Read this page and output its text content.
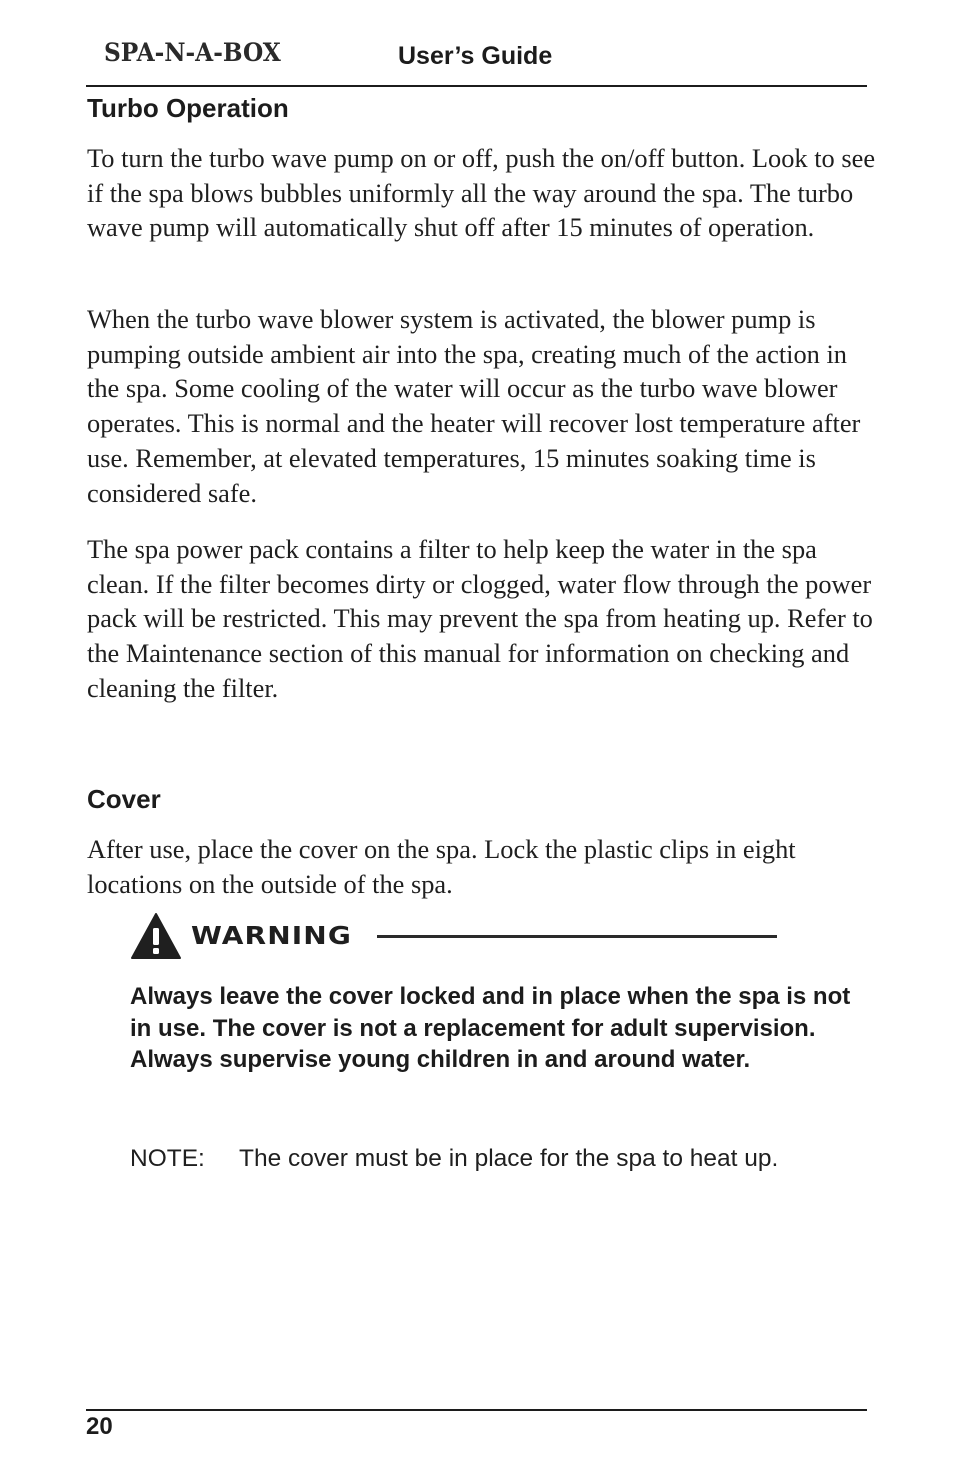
SPA-N-A-BOX	User’s Guide
Turbo Operation

To turn the turbo wave pump on or off, push the on/off button. Look to see if the spa blows bubbles uniformly all the way around the spa. The turbo wave pump will automatically shut off after 15 minutes of operation.

When the turbo wave blower system is activated, the blower pump is pumping outside ambient air into the spa, creating much of the action in the spa. Some cooling of the water will occur as the turbo wave blower operates. This is normal and the heater will recover lost temperature after use. Remember, at elevated temperatures, 15 minutes soaking time is considered safe.

The spa power pack contains a filter to help keep the water in the spa clean. If the filter becomes dirty or clogged, water flow through the power pack will be restricted. This may prevent the spa from heating up. Refer to the Maintenance section of this manual for information on checking and cleaning the filter.

Cover

After use, place the cover on the spa. Lock the plastic clips in eight locations on the outside of the spa.

WARNING

Always leave the cover locked and in place when the spa is not in use. The cover is not a replacement for adult supervision. Always supervise young children in and around water.

NOTE: The cover must be in place for the spa to heat up.
20
